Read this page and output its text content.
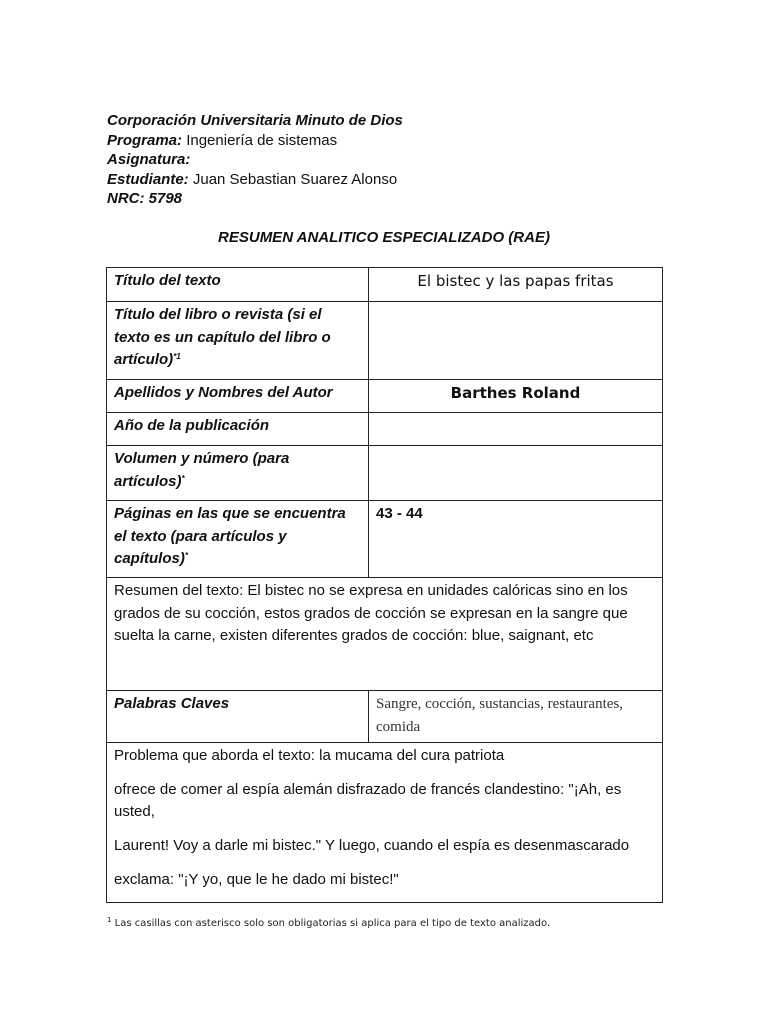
Corporación Universitaria Minuto de Dios
Programa: Ingeniería de sistemas
Asignatura:
Estudiante: Juan Sebastian Suarez Alonso
NRC: 5798
RESUMEN ANALITICO ESPECIALIZADO (RAE)
Título del texto	El bistec y las papas fritas
Título del libro o revista (si el texto es un capítulo del libro o artículo)$^{*1}$	
Apellidos y Nombres del Autor	Barthes Roland
Año de la publicación	
Volumen y número (para artículos)*	
Páginas en las que se encuentra el texto (para artículos y capítulos)*	43 - 44
Resumen del texto: El bistec no se expresa en unidades calóricas sino en los grados de su cocción, estos grados de cocción se expresan en la sangre que suelta la carne, existen diferentes grados de cocción: blue, saignant, etc	
Palabras Claves	Sangre, cocción, sustancias, restaurantes, comida

Problema que aborda el texto: la mucama del cura patriota
ofrece de comer al espía alemán disfrazado de francés clandestino: "¡Ah, es usted,
Laurent! Voy a darle mi bistec." Y luego, cuando el espía es desenmascarado
exclama: "¡Y yo, que le he dado mi bistec!"	
$^1$ Las casillas con asterisco solo son obligatorias si aplica para el tipo de texto analizado.
